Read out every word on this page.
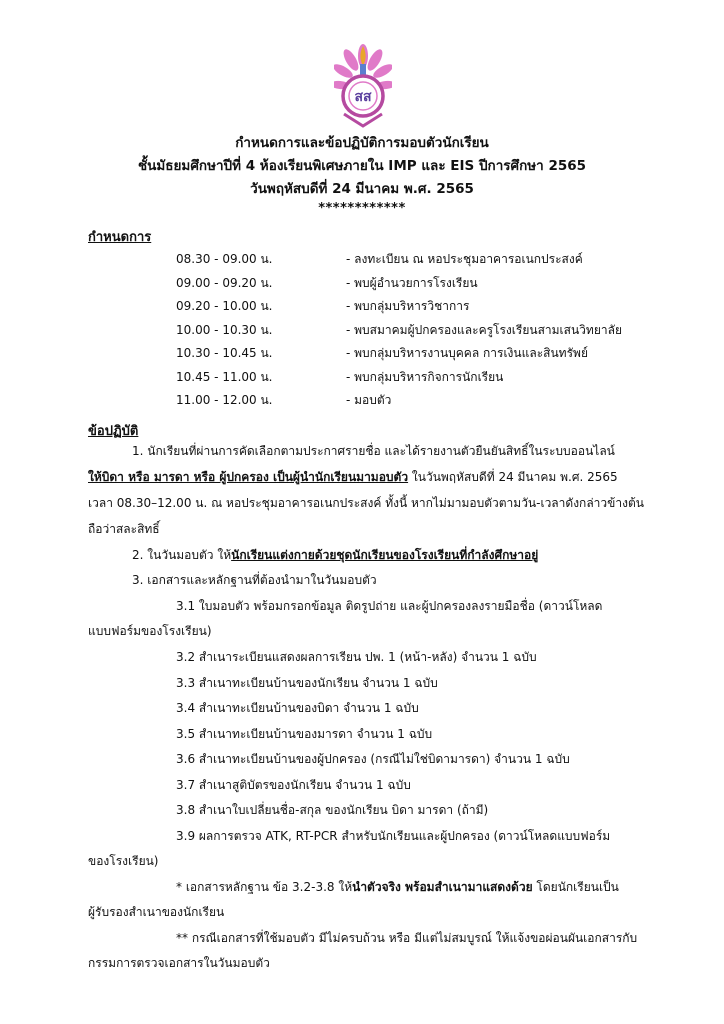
สส
กำหนดการและข้อปฏิบัติการมอบตัวนักเรียน
ชั้นมัธยมศึกษาปีที่ 4 ห้องเรียนพิเศษภายใน IMP และ EIS ปีการศึกษา 2565
วันพฤหัสบดีที่ 24 มีนาคม พ.ศ. 2565
************
กำหนดการ
08.30 - 09.00 น.	- ลงทะเบียน ณ หอประชุมอาคารอเนกประสงค์
09.00 - 09.20 น.	- พบผู้อำนวยการโรงเรียน
09.20 - 10.00 น.	- พบกลุ่มบริหารวิชาการ
10.00 - 10.30 น.	- พบสมาคมผู้ปกครองและครูโรงเรียนสามเสนวิทยาลัย
10.30 - 10.45 น.	- พบกลุ่มบริหารงานบุคคล การเงินและสินทรัพย์
10.45 - 11.00 น.	- พบกลุ่มบริหารกิจการนักเรียน
11.00 - 12.00 น.	- มอบตัว
ข้อปฏิบัติ
1. นักเรียนที่ผ่านการคัดเลือกตามประกาศรายชื่อ และได้รายงานตัวยืนยันสิทธิ์ในระบบออนไลน์
ให้บิดา หรือ มารดา หรือ ผู้ปกครอง เป็นผู้นำนักเรียนมามอบตัว ในวันพฤหัสบดีที่ 24 มีนาคม พ.ศ. 2565
เวลา 08.30–12.00 น. ณ หอประชุมอาคารอเนกประสงค์ ทั้งนี้ หากไม่มามอบตัวตามวัน-เวลาดังกล่าวข้างต้น
ถือว่าสละสิทธิ์
2. ในวันมอบตัว ให้นักเรียนแต่งกายด้วยชุดนักเรียนของโรงเรียนที่กำลังศึกษาอยู่
3. เอกสารและหลักฐานที่ต้องนำมาในวันมอบตัว
3.1 ใบมอบตัว พร้อมกรอกข้อมูล ติดรูปถ่าย และผู้ปกครองลงรายมือชื่อ (ดาวน์โหลด
แบบฟอร์มของโรงเรียน)
3.2 สำเนาระเบียนแสดงผลการเรียน ปพ. 1 (หน้า-หลัง) จำนวน 1 ฉบับ
3.3 สำเนาทะเบียนบ้านของนักเรียน จำนวน 1 ฉบับ
3.4 สำเนาทะเบียนบ้านของบิดา จำนวน 1 ฉบับ
3.5 สำเนาทะเบียนบ้านของมารดา จำนวน 1 ฉบับ
3.6 สำเนาทะเบียนบ้านของผู้ปกครอง (กรณีไม่ใช่บิดามารดา) จำนวน 1 ฉบับ
3.7 สำเนาสูติบัตรของนักเรียน จำนวน 1 ฉบับ
3.8 สำเนาใบเปลี่ยนชื่อ-สกุล ของนักเรียน บิดา มารดา (ถ้ามี)
3.9 ผลการตรวจ ATK, RT-PCR สำหรับนักเรียนและผู้ปกครอง (ดาวน์โหลดแบบฟอร์ม
ของโรงเรียน)
* เอกสารหลักฐาน ข้อ 3.2-3.8 ให้นำตัวจริง พร้อมสำเนามาแสดงด้วย โดยนักเรียนเป็น
ผู้รับรองสำเนาของนักเรียน
** กรณีเอกสารที่ใช้มอบตัว มีไม่ครบถ้วน หรือ มีแต่ไม่สมบูรณ์ ให้แจ้งขอผ่อนผันเอกสารกับ
กรรมการตรวจเอกสารในวันมอบตัว
